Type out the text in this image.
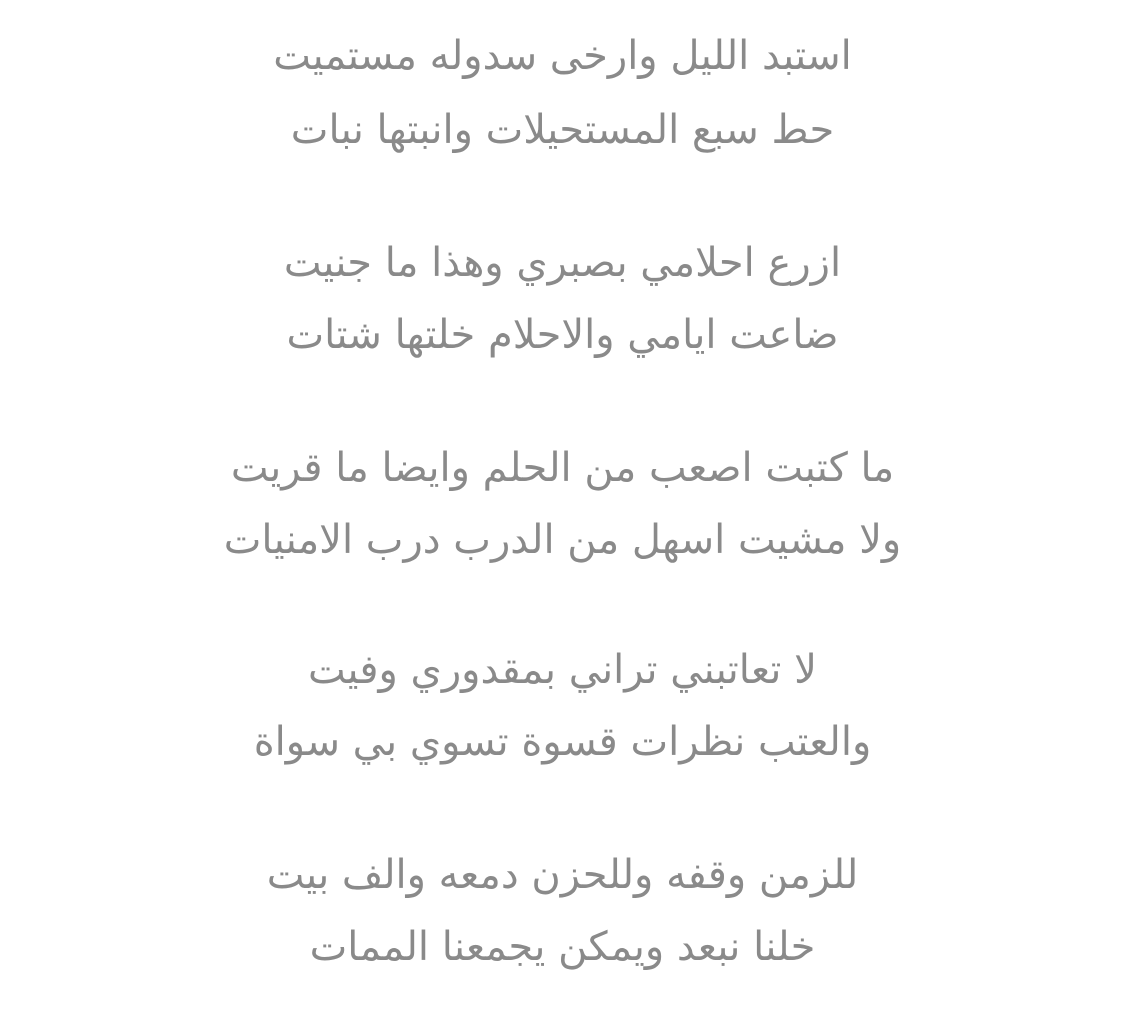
استبد الليل وارخى سدوله مستميت
حط سبع المستحيلات وانبتها نبات
ازرع احلامي بصبري وهذا ما جنيت
ضاعت ايامي والاحلام خلتها شتات
ما كتبت اصعب من الحلم وايضا ما قريت
ولا مشيت اسهل من الدرب درب الامنيات
لا تعاتبني تراني بمقدوري وفيت
والعتب نظرات قسوة تسوي بي سواة
للزمن وقفه وللحزن دمعه والف بيت
خلنا نبعد ويمكن يجمعنا الممات
